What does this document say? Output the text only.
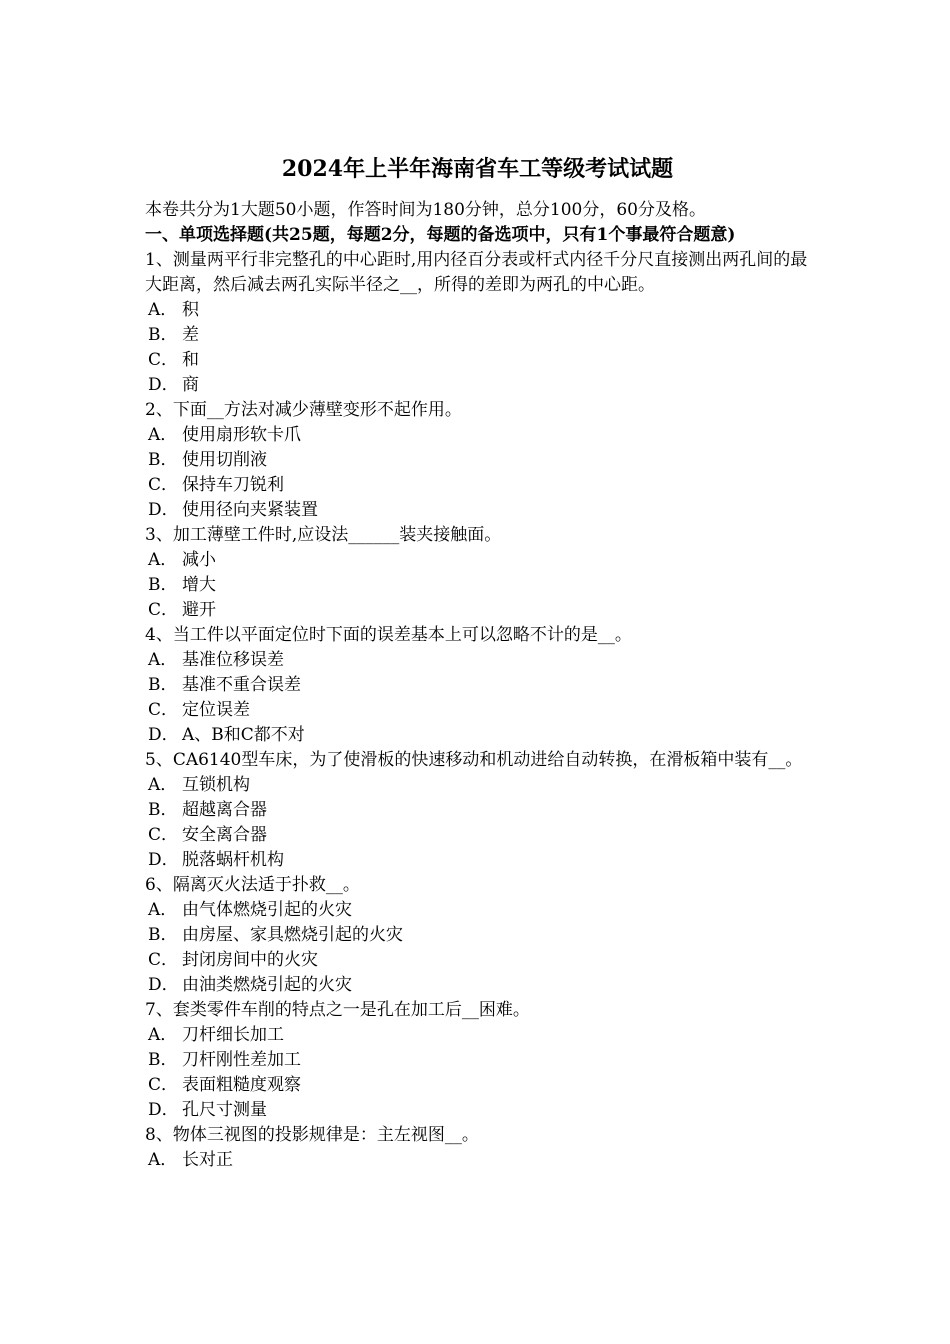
2024年上半年海南省车工等级考试试题
本卷共分为1大题50小题，作答时间为180分钟，总分100分，60分及格。
一、单项选择题(共25题，每题2分，每题的备选项中，只有1个事最符合题意)
1、测量两平行非完整孔的中心距时,用内径百分表或杆式内径千分尺直接测出两孔间的最大距离，然后减去两孔实际半径之__，所得的差即为两孔的中心距。
A． 积
B． 差
C． 和
D． 商
2、下面__方法对减少薄壁变形不起作用。
A． 使用扇形软卡爪
B． 使用切削液
C． 保持车刀锐利
D． 使用径向夹紧装置
3、加工薄壁工件时,应设法______装夹接触面。
A． 减小
B． 增大
C． 避开
4、当工件以平面定位时下面的误差基本上可以忽略不计的是__。
A． 基准位移误差
B． 基准不重合误差
C． 定位误差
D． A、B和C都不对
5、CA6140型车床，为了使滑板的快速移动和机动进给自动转换，在滑板箱中装有__。
A． 互锁机构
B． 超越离合器
C． 安全离合器
D． 脱落蜗杆机构
6、隔离灭火法适于扑救__。
A． 由气体燃烧引起的火灾
B． 由房屋、家具燃烧引起的火灾
C． 封闭房间中的火灾
D． 由油类燃烧引起的火灾
7、套类零件车削的特点之一是孔在加工后__困难。
A． 刀杆细长加工
B． 刀杆刚性差加工
C． 表面粗糙度观察
D． 孔尺寸测量
8、物体三视图的投影规律是：主左视图__。
A． 长对正
